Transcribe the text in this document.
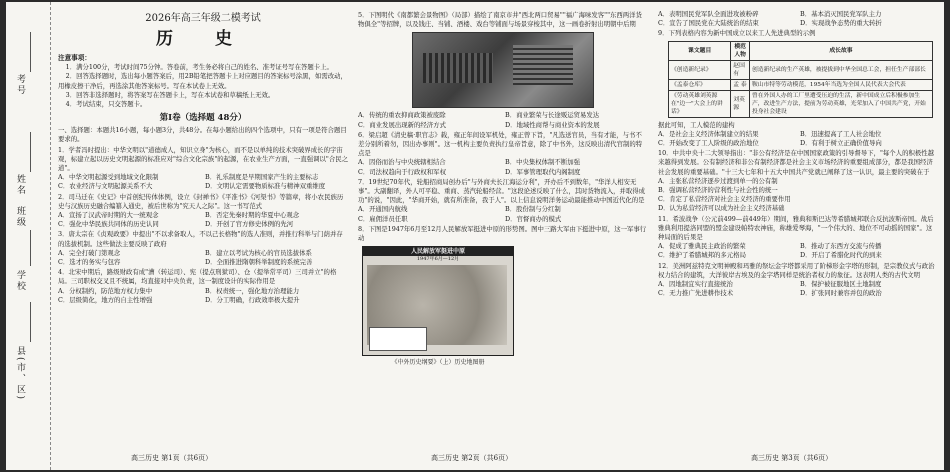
考号
姓名
班级
学校
县(市、区)
2026年高三年级二模考试
历 史

注意事项：

1．满分100分，考试时间75分钟。答卷前，考生务必将自己的姓名、准考证号写在答题卡上。

2．回答选择题时，选出每小题答案后，用2B铅笔把答题卡上对应题目的答案标号涂黑，如需改动，用橡皮擦干净后，再选涂其他答案标号。写在本试卷上无效。

3．回答非选择题时，将答案写在答题卡上，写在本试卷和草稿纸上无效。

4．考试结束，只交答题卡。

第Ⅰ卷（选择题 48分）

一、选择题：本题共16小题，每小题3分，共48分。在每小题给出的四个选项中，只有一项是符合题目要求的。

1．学者冯时提出：中华文明以"道德成人，知识立身"为核心，而不是以单纯的技术突破界成长的宇宙观，标建立起以历史文明起源的标准应对"综合文化宗族"的起源，在农业生产方面，一直强调以"合民之道"。

A．中华文明起源受到地域文化限制	B．礼乐制度是早期国家产生的主要标志
C．农业经济与文明起源关系不大	D．文明认定需要物质标准与精神双重维度

2．司马迁在《史记》中首创纪传体体例，设立《封禅书》《平准书》《河渠书》等篇章，将小农民族历史与汉族历史融合编纂入通史，被后世称为"究天人之际"。这一书写范式

A．宣扬了汉武帝时期的大一统观念	B．否定先秦时期的华夏中心观念
C．强化中华民族共同体的历史认同	D．开创了官方修史体例的先河

3．唐太宗在《贞观政要》中提出"不以求备取人，不以己长格物"的选人准则，并推行科举与门荫并存的选拔机制。这些做法主要反映了政府

A．完全打破门第观念	B．建立以考试为核心的官员选拔体系
C．选才的务实与包容	D．全面推进隋朝科举制度的系统完善

4．北宋中期后，路级财政有成"漕（转运司）、宪（提点刑狱司）、仓（提举常平司）三司并立"的格局。三司职权交叉且不统属，均直接对中央负责，这一制度设计的实际作用是

A．分权制约，防范地方权力集中	B．权责统一，强化地方治理能力
C．层级简化，地方的自主性增强	D．分工明确，行政效率极大提升

5．下图明代《南都繁会景物图》（局部）描绘了南京市井"西北两口贸易""福广海味发客""东西两洋货物俱全"等招牌，以及钱庄、当铺、酒楼、戏台等铺面与场景穿梭其中，这一画卷折射出明朝中后期

A．传统的重农抑商政策被废除	B．商业繁荣与长途贩运贸易发达
C．商业发展出现新的经济方式	D．地域性商帮与商业资本的发展

6．梁启超《清史稿·职官志》载，雍正年间设军机处，雍正曾下旨，"凡选送官员，当有才能，与书不差分别所着勿，因出办事则"。这一机构主要负责执行皇帝旨意，除了中书外，这反映出清代官制的特点是

A．因俗而治与中央统辖相结合	B．中央集权体制不断加强
C．司法权趋向于行政权和军权	D．军事管理取代内阁制度

7．19世纪70年代，轮船招商局创办后"与外商夫长江海运分利"，开办后不到数年，"华洋人相安无事"。大副翻译，外人可平稳、重商、蒸汽轮船经营。"这段论述反映了什么，其时货物流入，并取得成功"的说，"因此，"华商开始，就有所准备，我于人"。以上信息说明洋务运动最能推动中国近代化的是

A．开通国内航线	B．股份制与分红制
C．雇佣洋员任职	D．官督商办的模式

8．下图是1947年6月至12月人民解放军挺进中原的形势图。图中三路大军由下挺进中原，这一军事行动

人民解放军挺进中原
1947年6月—12月
《中外历史纲要》（上）历史地图册
A．表明国民党军队全面进攻被粉碎	B．基本消灭国民党军队主力
C．宣告了国民党在大陆统治的结束	D．实现战争态势的重大转折

9．下列表格内容为新中国成立以来工人先进典型的示例

课文题目	模范人物	成长故事
《创造新纪录》	赵国有	创造新纪录的生产英雄，被提拔到中华全国总工会，担任生产部部长
《孟泰仓库》	孟 泰	鞍山市特等劳动模范，1954年当选为全国人民代表大会代表
《劳动英雄刘英源在"边一"大会上的讲话》	刘英源	曾在外国人办的工厂里遭受压迫的生活，新中国成立后积极参加生产，改进生产方法，提前为劳动英雄，光荣加入了中国共产党，开始投身社会建设

据此可知，工人模范的建构

A．是社会主义经济体制建立的结果	B．迅速提高了工人社会地位
C．开始改变了工人阶级的政治地位	D．有利于树立正确价值导向

10．中共中央十二大领导指出："非公有经济是在中国国家政策的引导督导下，"每个人的积极性越来越得到发展。公有制经济和非公有制经济都是社会主义市场经济的重要组成部分，都是我国经济社会发展的重要基础。"十三大七年和十五大中国共产党就已阐释了这一认识，最主要的突破在于

A．主张私营经济逐步过渡到单一的公有制
B．强调私营经济的营利性与社会性的统一
C．肯定了私营经济对社会主义经济的重要作用
D．认为私营经济可以成为社会主义经济基础

11．希波战争（公元前499—前449年）期间，雅典和斯巴达等希腊城邦联合反抗波斯帝国。战后雅典利用提洛同盟的盟金建设帕特农神庙，称雄爱琴海，"一个伟大的、地位不可动摇的国家"。这种局面的后果是

A．促成了雅典民主政治的繁荣	B．推动了东西方交流与传播
C．维护了希腊城邦的多元格局	D．开启了希腊化时代的到来

12．美洲阿兹特克文明神殿和玛雅的祭坛金字塔都采用了阶梯形金字塔的形制，是宗教仪式与政治权力结合的建筑，大洋彼岸古埃及的金字塔同样是统治者权力的象征。这表明人类的古代文明

A．因地制宜实行直接统治	B．保护被征服地区土地制度
C．无力推广先进耕作技术	D．扩张同时兼容并包的政治
高三历史 第1页（共6页）	高三历史 第2页（共6页）	高三历史 第3页（共6页）
